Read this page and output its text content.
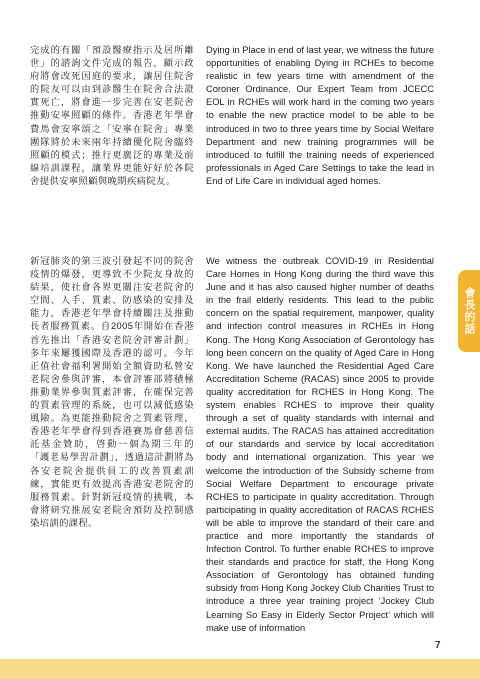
完成的有關「預設醫療指示及居所離世」的諮詢文件完成的報告，顧示政府將會改死因庭的要求，讓居住院舍的院友可以由到診醫生在院舍合法證實死亡，將會進一步完善在安老院舍推動安寧照顧的條件。香港老年學會費馬會安寧頌之「安寧在院舍」專業團隊將於未來兩年持續優化院舍臨終照顧的模式；推行更廣泛的專業及前線培訓課程，讓業界更能好好於各院舍提供安寧照顧與晚期疾病院友。
Dying in Place in end of last year, we witness the future opportunities of enabling Dying in RCHEs to become realistic in few years time with amendment of the Coroner Ordinance. Our Expert Team from JCECC EOL in RCHEs will work hard in the coming two years to enable the new practice model to be able to be introduced in two to three years time by Social Welfare Department and new training programmes will be introduced to fulfill the training needs of experienced professionals in Aged Care Settings to take the lead in End of Life Care in individual aged homes.
新冠肺炎的第三波引發起不同的院舍疫情的爆發，更導致不少院友身故的結果，使社會各界更關注安老院舍的空間、人手、質素、防感染的安排及能力，香港老年學會持續關注及推動長者服務質素。自2005年開始在香港首先推出「香港安老院舍評審計劃」多年來屢獲國際及香港的認可。今年正值社會福利署開始全額資助私營安老院舍參與評審，本會評審部將積極推動業界參與質素評審，在確保完善的質素管理的系統，也可以減低感染風險。為更能推動院舍之質素管理，香港老年學會得到香港賽馬會慈善信託基金贊助，啓動一個為期三年的「護老易學習計劃」，透過這計劃將為各安老院舍提供員工的改善質素訓練，實能更有效提高香港安老院舍的服務質素。針對新冠疫情的挑戰，本會將研究推展安老院舍預防及控制感染培訓的課程。
We witness the outbreak COVID-19 in Residential Care Homes in Hong Kong during the third wave this June and it has also caused higher number of deaths in the frail elderly residents. This lead to the public concern on the spatial requirement, manpower, quality and infection control measures in RCHEs in Hong Kong. The Hong Kong Association of Gerontology has long been concern on the quality of Aged Care in Hong Kong. We have launched the Residential Aged Care Accreditation Scheme (RACAS) since 2005 to provide quality accreditation for RCHES in Hong Kong. The system enables RCHES to improve their quality through a set of quality standards with internal and external audits. The RACAS has attained accreditation of our standards and service by local accreditation body and international organization. This year we welcome the introduction of the Subsidy scheme from Social Welfare Department to encourage private RCHES to participate in quality accreditation. Through participating in quality accreditation of RACAS RCHES will be able to improve the standard of their care and practice and more importantly the standards of Infection Control. To further enable RCHES to improve their standards and practice for staff, the Hong Kong Association of Gerontology has obtained funding subsidy from Hong Kong Jockey Club Charities Trust to introduce a three year training project ‘Jockey Club Learning So Easy in Elderly Sector Project’ which will make use of information
會長的話
7
